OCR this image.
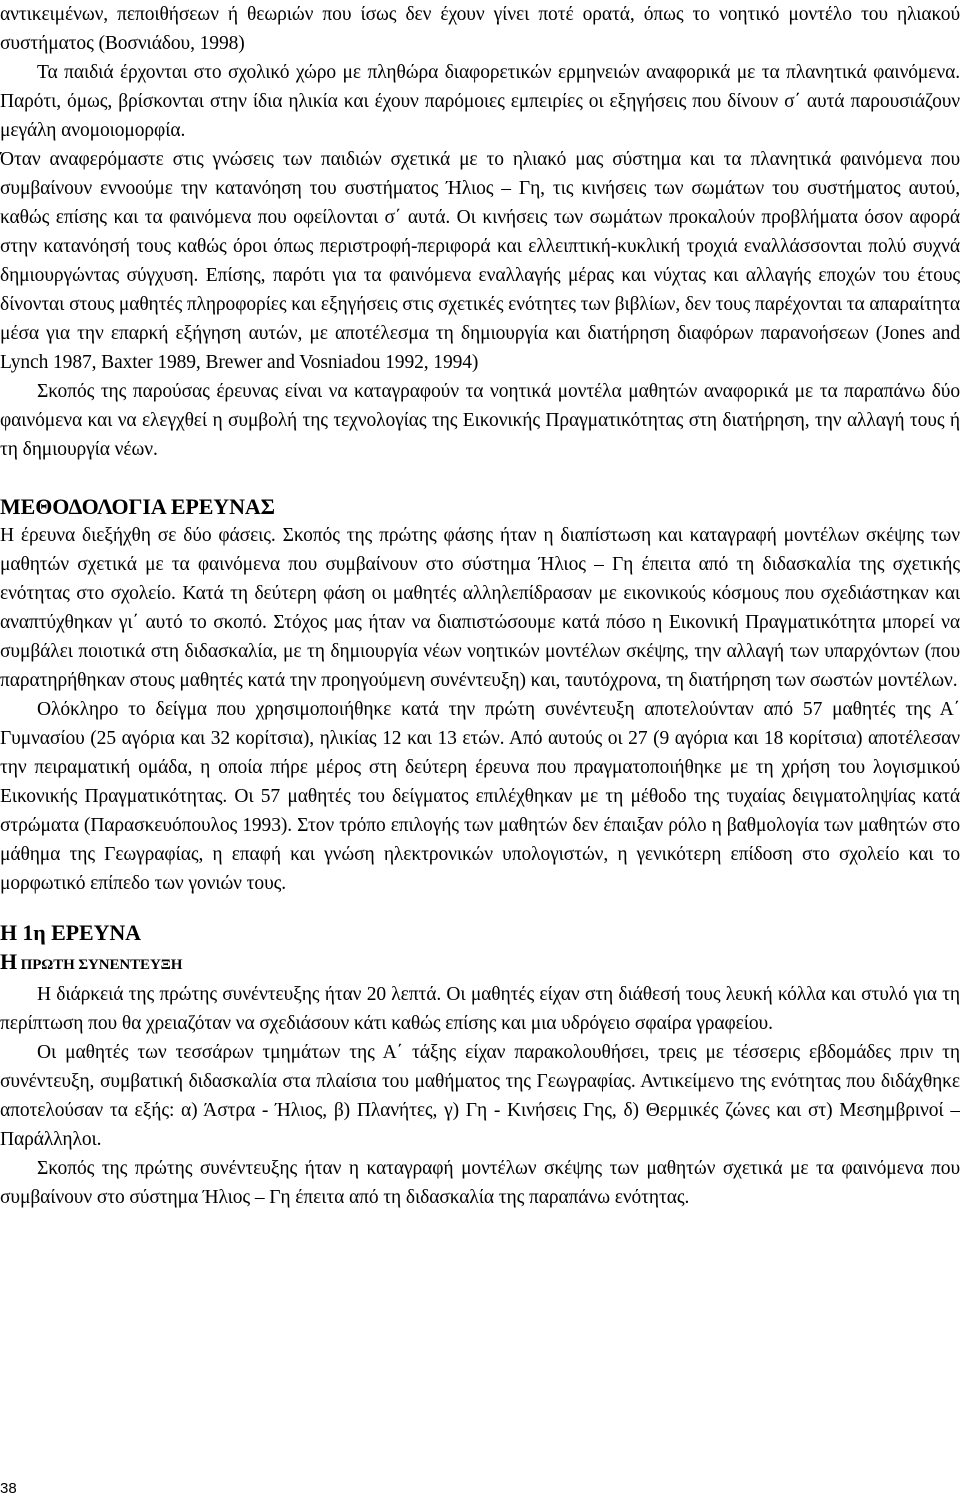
αντικειμένων, πεποιθήσεων ή θεωριών που ίσως δεν έχουν γίνει ποτέ ορατά, όπως το νοητικό μοντέλο του ηλιακού συστήματος (Βοσνιάδου, 1998)

Τα παιδιά έρχονται στο σχολικό χώρο με πληθώρα διαφορετικών ερμηνειών αναφορικά με τα πλανητικά φαινόμενα. Παρότι, όμως, βρίσκονται στην ίδια ηλικία και έχουν παρόμοιες εμπειρίες οι εξηγήσεις που δίνουν σ΄ αυτά παρουσιάζουν μεγάλη ανομοιομορφία.

Όταν αναφερόμαστε στις γνώσεις των παιδιών σχετικά με το ηλιακό μας σύστημα και τα πλανητικά φαινόμενα που συμβαίνουν εννοούμε την κατανόηση του συστήματος Ήλιος – Γη, τις κινήσεις των σωμάτων του συστήματος αυτού, καθώς επίσης και τα φαινόμενα που οφείλονται σ΄ αυτά. Οι κινήσεις των σωμάτων προκαλούν προβλήματα όσον αφορά στην κατανόησή τους καθώς όροι όπως περιστροφή-περιφορά και ελλειπτική-κυκλική τροχιά εναλλάσσονται πολύ συχνά δημιουργώντας σύγχυση. Επίσης, παρότι για τα φαινόμενα εναλλαγής μέρας και νύχτας και αλλαγής εποχών του έτους δίνονται στους μαθητές πληροφορίες και εξηγήσεις στις σχετικές ενότητες των βιβλίων, δεν τους παρέχονται τα απαραίτητα μέσα για την επαρκή εξήγηση αυτών, με αποτέλεσμα τη δημιουργία και διατήρηση διαφόρων παρανοήσεων (Jones and Lynch 1987, Baxter 1989, Brewer and Vosniadou 1992, 1994)

Σκοπός της παρούσας έρευνας είναι να καταγραφούν τα νοητικά μοντέλα μαθητών αναφορικά με τα παραπάνω δύο φαινόμενα και να ελεγχθεί η συμβολή της τεχνολογίας της Εικονικής Πραγματικότητας στη διατήρηση, την αλλαγή τους ή τη δημιουργία νέων.

ΜΕΘΟΔΟΛΟΓΙΑ ΕΡΕΥΝΑΣ

Η έρευνα διεξήχθη σε δύο φάσεις. Σκοπός της πρώτης φάσης ήταν η διαπίστωση και καταγραφή μοντέλων σκέψης των μαθητών σχετικά με τα φαινόμενα που συμβαίνουν στο σύστημα Ήλιος – Γη έπειτα από τη διδασκαλία της σχετικής ενότητας στο σχολείο. Κατά τη δεύτερη φάση οι μαθητές αλληλεπίδρασαν με εικονικούς κόσμους που σχεδιάστηκαν και αναπτύχθηκαν γι΄ αυτό το σκοπό. Στόχος μας ήταν να διαπιστώσουμε κατά πόσο η Εικονική Πραγματικότητα μπορεί να συμβάλει ποιοτικά στη διδασκαλία, με τη δημιουργία νέων νοητικών μοντέλων σκέψης, την αλλαγή των υπαρχόντων (που παρατηρήθηκαν στους μαθητές κατά την προηγούμενη συνέντευξη) και, ταυτόχρονα, τη διατήρηση των σωστών μοντέλων.

Ολόκληρο το δείγμα που χρησιμοποιήθηκε κατά την πρώτη συνέντευξη αποτελούνταν από 57 μαθητές της Α΄ Γυμνασίου (25 αγόρια και 32 κορίτσια), ηλικίας 12 και 13 ετών. Από αυτούς οι 27 (9 αγόρια και 18 κορίτσια) αποτέλεσαν την πειραματική ομάδα, η οποία πήρε μέρος στη δεύτερη έρευνα που πραγματοποιήθηκε με τη χρήση του λογισμικού Εικονικής Πραγματικότητας. Οι 57 μαθητές του δείγματος επιλέχθηκαν με τη μέθοδο της τυχαίας δειγματοληψίας κατά στρώματα (Παρασκευόπουλος 1993). Στον τρόπο επιλογής των μαθητών δεν έπαιξαν ρόλο η βαθμολογία των μαθητών στο μάθημα της Γεωγραφίας, η επαφή και γνώση ηλεκτρονικών υπολογιστών, η γενικότερη επίδοση στο σχολείο και το μορφωτικό επίπεδο των γονιών τους.

Η 1η ΕΡΕΥΝΑ
Η ΠΡΩΤΗ ΣΥΝΕΝΤΕΥΞΗ

Η διάρκειά της πρώτης συνέντευξης ήταν 20 λεπτά. Οι μαθητές είχαν στη διάθεσή τους λευκή κόλλα και στυλό για τη περίπτωση που θα χρειαζόταν να σχεδιάσουν κάτι καθώς επίσης και μια υδρόγειο σφαίρα γραφείου.

Οι μαθητές των τεσσάρων τμημάτων της Α΄ τάξης είχαν παρακολουθήσει, τρεις με τέσσερις εβδομάδες πριν τη συνέντευξη, συμβατική διδασκαλία στα πλαίσια του μαθήματος της Γεωγραφίας. Αντικείμενο της ενότητας που διδάχθηκε αποτελούσαν τα εξής: α) Άστρα - Ήλιος, β) Πλανήτες, γ) Γη - Κινήσεις Γης, δ) Θερμικές ζώνες και στ) Μεσημβρινοί – Παράλληλοι.

Σκοπός της πρώτης συνέντευξης ήταν η καταγραφή μοντέλων σκέψης των μαθητών σχετικά με τα φαινόμενα που συμβαίνουν στο σύστημα Ήλιος – Γη έπειτα από τη διδασκαλία της παραπάνω ενότητας.

38
